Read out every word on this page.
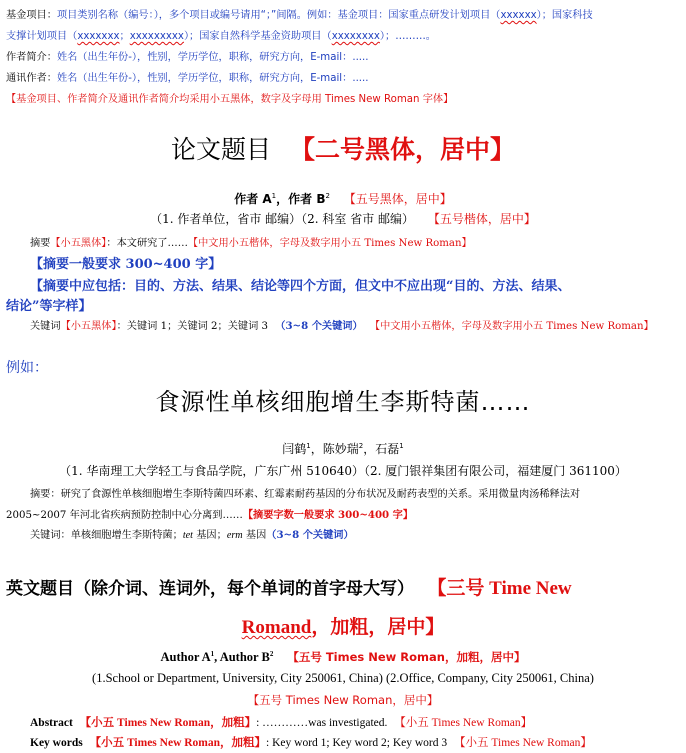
基金项目：项目类别名称（编号：），多个项目或编号请用“；”间隔。例如：基金项目：国家重点研发计划项目（xxxxxx）；国家科技
支撑计划项目（xxxxxxx；xxxxxxxxx）；国家自然科学基金资助项目（xxxxxxxx）；………。
作者简介：姓名（出生年份-），性别，学历学位，职称，研究方向，E-mail：.....
通讯作者：姓名（出生年份-），性别，学历学位，职称，研究方向，E-mail：.....
【基金项目、作者简介及通讯作者简介均采用小五黑体，数字及字母用 Times New Roman 字体】
论文题目 【二号黑体，居中】
作者 $A^1$，作者 $B^2$ 【五号黑体，居中】
（1. 作者单位，省市 邮编）（2. 科室 省市 邮编） 【五号楷体，居中】
摘要【小五黑体】：本文研究了……【中文用小五楷体，字母及数字用小五 Times New Roman】
【摘要一般要求 300~400 字】
【摘要中应包括：目的、方法、结果、结论等四个方面，但文中不应出现“目的、方法、结果、
结论”等字样】
关键词【小五黑体】：关键词 1；关键词 2；关键词 3 （3~8 个关键词） 【中文用小五楷体，字母及数字用小五 Times New Roman】
例如：
食源性单核细胞增生李斯特菌……
闫鹤$^1$，陈妙瑞$^2$，石磊$^1$
（1. 华南理工大学轻工与食品学院，广东广州 510640）（2. 厦门银祥集团有限公司，福建厦门 361100）
摘要：研究了食源性单核细胞增生李斯特菌四环素、红霉素耐药基因的分布状况及耐药表型的关系。采用微量肉汤稀释法对
2005~2007 年河北省疾病预防控制中心分离到……【摘要字数一般要求 300~400 字】
关键词：单核细胞增生李斯特菌；tet 基因；erm 基因（3~8 个关键词）
英文题目（除介词、连词外，每个单词的首字母大写） 【三号 Time New
Romand，加粗，居中】
Author $A^1$, Author $B^2$ 【五号 Times New Roman，加粗，居中】
(1.School or Department, University, City 250061, China) (2.Office, Company, City 250061, China)
【五号 Times New Roman，居中】
Abstract 【小五 Times New Roman，加粗】: …………was investigated. 【小五 Times New Roman】
Key words 【小五 Times New Roman，加粗】: Key word 1; Key word 2; Key word 3 【小五 Times New Roman】
